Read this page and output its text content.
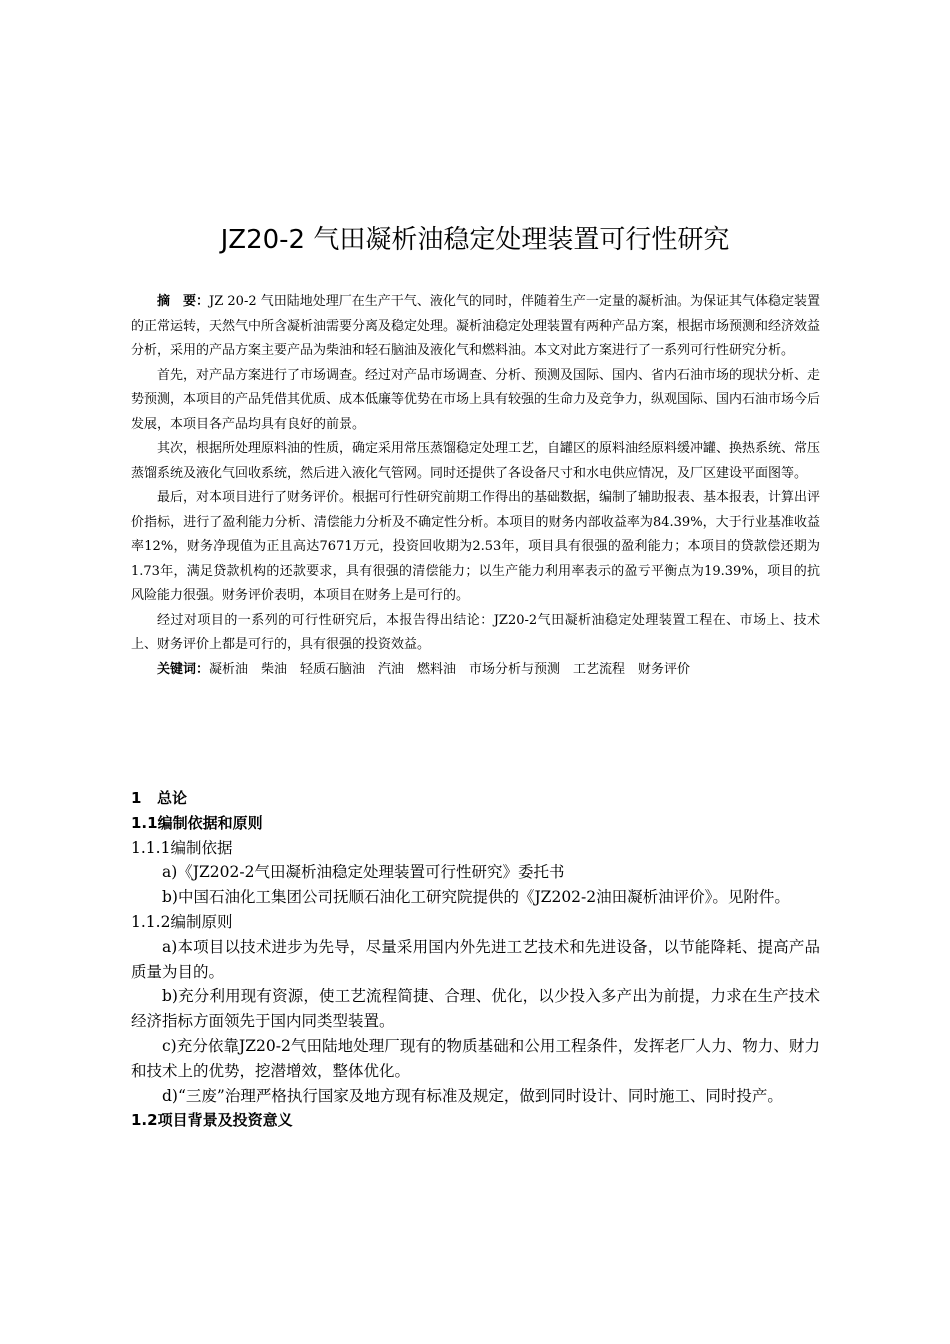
JZ20-2 气田凝析油稳定处理装置可行性研究

摘　要：JZ 20-2 气田陆地处理厂在生产干气、液化气的同时，伴随着生产一定量的凝析油。为保证其气体稳定装置的正常运转，天然气中所含凝析油需要分离及稳定处理。凝析油稳定处理装置有两种产品方案，根据市场预测和经济效益分析，采用的产品方案主要产品为柴油和轻石脑油及液化气和燃料油。本文对此方案进行了一系列可行性研究分析。

首先，对产品方案进行了市场调查。经过对产品市场调查、分析、预测及国际、国内、省内石油市场的现状分析、走势预测，本项目的产品凭借其优质、成本低廉等优势在市场上具有较强的生命力及竞争力，纵观国际、国内石油市场今后发展，本项目各产品均具有良好的前景。

其次，根据所处理原料油的性质，确定采用常压蒸馏稳定处理工艺，自罐区的原料油经原料缓冲罐、换热系统、常压蒸馏系统及液化气回收系统，然后进入液化气管网。同时还提供了各设备尺寸和水电供应情况，及厂区建设平面图等。

最后，对本项目进行了财务评价。根据可行性研究前期工作得出的基础数据，编制了辅助报表、基本报表，计算出评价指标，进行了盈利能力分析、清偿能力分析及不确定性分析。本项目的财务内部收益率为84.39%，大于行业基准收益率12%，财务净现值为正且高达7671万元，投资回收期为2.53年，项目具有很强的盈利能力；本项目的贷款偿还期为1.73年，满足贷款机构的还款要求，具有很强的清偿能力；以生产能力利用率表示的盈亏平衡点为19.39%，项目的抗风险能力很强。财务评价表明，本项目在财务上是可行的。

经过对项目的一系列的可行性研究后，本报告得出结论：JZ20-2气田凝析油稳定处理装置工程在、市场上、技术上、财务评价上都是可行的，具有很强的投资效益。

关键词：凝析油　柴油　轻质石脑油　汽油　燃料油　市场分析与预测　工艺流程　财务评价

1 总论

1.1编制依据和原则

1.1.1编制依据

a)《JZ202-2气田凝析油稳定处理装置可行性研究》委托书

b)中国石油化工集团公司抚顺石油化工研究院提供的《JZ202-2油田凝析油评价》。见附件。

1.1.2编制原则

a)本项目以技术进步为先导，尽量采用国内外先进工艺技术和先进设备，以节能降耗、提高产品质量为目的。

b)充分利用现有资源，使工艺流程简捷、合理、优化，以少投入多产出为前提，力求在生产技术经济指标方面领先于国内同类型装置。

c)充分依靠JZ20-2气田陆地处理厂现有的物质基础和公用工程条件，发挥老厂人力、物力、财力和技术上的优势，挖潜增效，整体优化。

d)“三废”治理严格执行国家及地方现有标准及规定，做到同时设计、同时施工、同时投产。

1.2项目背景及投资意义
